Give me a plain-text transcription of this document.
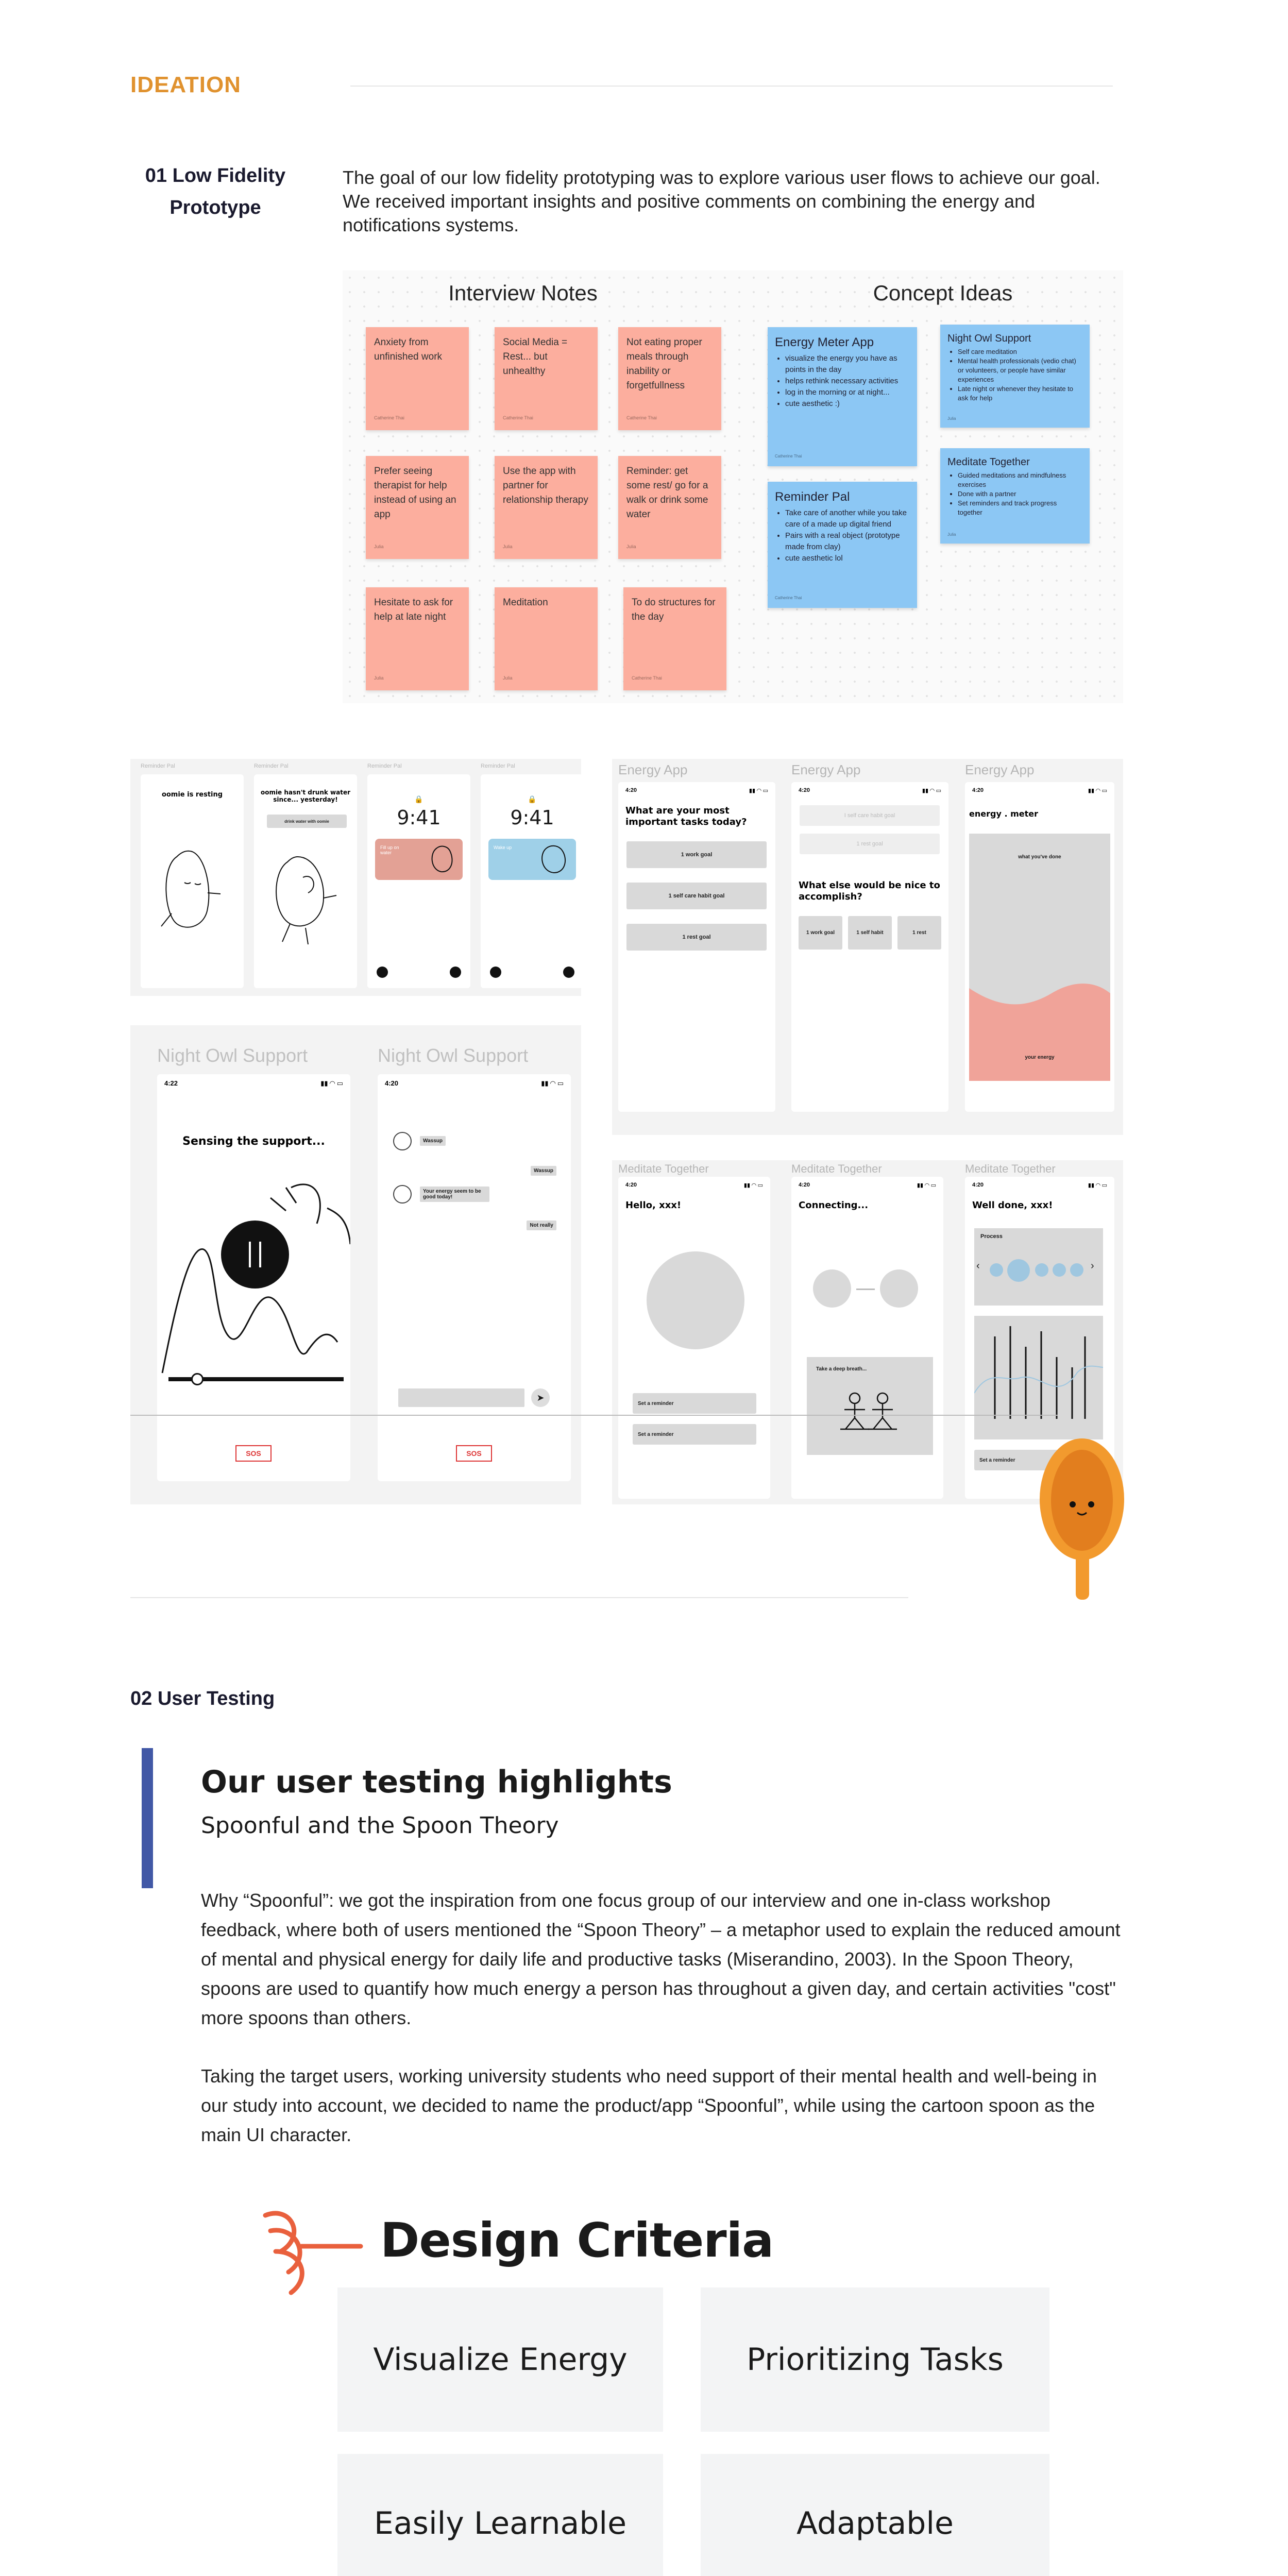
IDEATION
01 Low Fidelity
Prototype
The goal of our low fidelity prototyping was to explore various user flows to achieve our goal. We received important insights and positive comments on combining the energy and notifications systems.
Interview Notes	Concept Ideas
Anxiety from unfinished work
Catherine Thai
Social Media = Rest... but unhealthy
Catherine Thai
Not eating proper meals through inability or forgetfullness
Catherine Thai
Prefer seeing therapist for help instead of using an app
Julia
Use the app with partner for relationship therapy
Julia
Reminder: get some rest/ go for a walk or drink some water
Julia
Hesitate to ask for help at late night
Julia
Meditation
Julia
To do structures for the day
Catherine Thai
Energy Meter App
• visualize the energy you have as points in the day
• helps rethink necessary activities
• log in the morning or at night...
• cute aesthetic :)
Catherine Thai
Reminder Pal
• Take care of another while you take care of a made up digital friend
• Pairs with a real object (prototype made from clay)
• cute aesthetic lol
Catherine Thai
Night Owl Support
• Self care meditation
• Mental health professionals (vedio chat) or volunteers, or people have similar experiences
• Late night or whenever they hesitate to ask for help
Julia
Meditate Together
• Guided meditations and mindfulness exercises
• Done with a partner
• Set reminders and track progress together
Julia
Reminder Pal	Reminder Pal	Reminder Pal	Reminder Pal
oomie is resting	oomie hasn't drunk water since... yesterday!
drink water with oomie
🔒
9:41
Fill up on water
🔒
9:41
Wake up
Energy App	Energy App	Energy App
4:20	▮▮ ◠ ▭
What are your most important tasks today?
1 work goal
1 self care habit goal
1 rest goal
4:20	▮▮ ◠ ▭
I self care habit goal
1 rest goal
What else would be nice to accomplish?
1 work goal	1 self habit	1 rest
4:20	▮▮ ◠ ▭
energy . meter
what you've done
your energy
Night Owl Support	Night Owl Support
4:22	▮▮ ◠ ▭
Sensing the support...
SOS
4:20	▮▮ ◠ ▭
Wassup
Wassup
Your energy seem to be good today!
Not really
➤
SOS
Meditate Together	Meditate Together	Meditate Together
4:20	▮▮ ◠ ▭
Hello, xxx!
Set a reminder
Set a reminder
4:20	▮▮ ◠ ▭
Connecting...
Take a deep breath...
4:20	▮▮ ◠ ▭
Well done, xxx!
Process
‹	›
Set a reminder
02 User Testing
Our user testing highlights
Spoonful and the Spoon Theory
Why “Spoonful”: we got the inspiration from one focus group of our interview and one in-class workshop feedback, where both of users mentioned the “Spoon Theory” – a metaphor used to explain the reduced amount of mental and physical energy for daily life and productive tasks (Miserandino, 2003). In the Spoon Theory, spoons are used to quantify how much energy a person has throughout a given day, and certain activities "cost" more spoons than others.
Taking the target users, working university students who need support of their mental health and well-being in our study into account, we decided to name the product/app “Spoonful”, while using the cartoon spoon as the main UI character.
Design Criteria
Visualize Energy	Prioritizing Tasks
Easily Learnable	Adaptable
